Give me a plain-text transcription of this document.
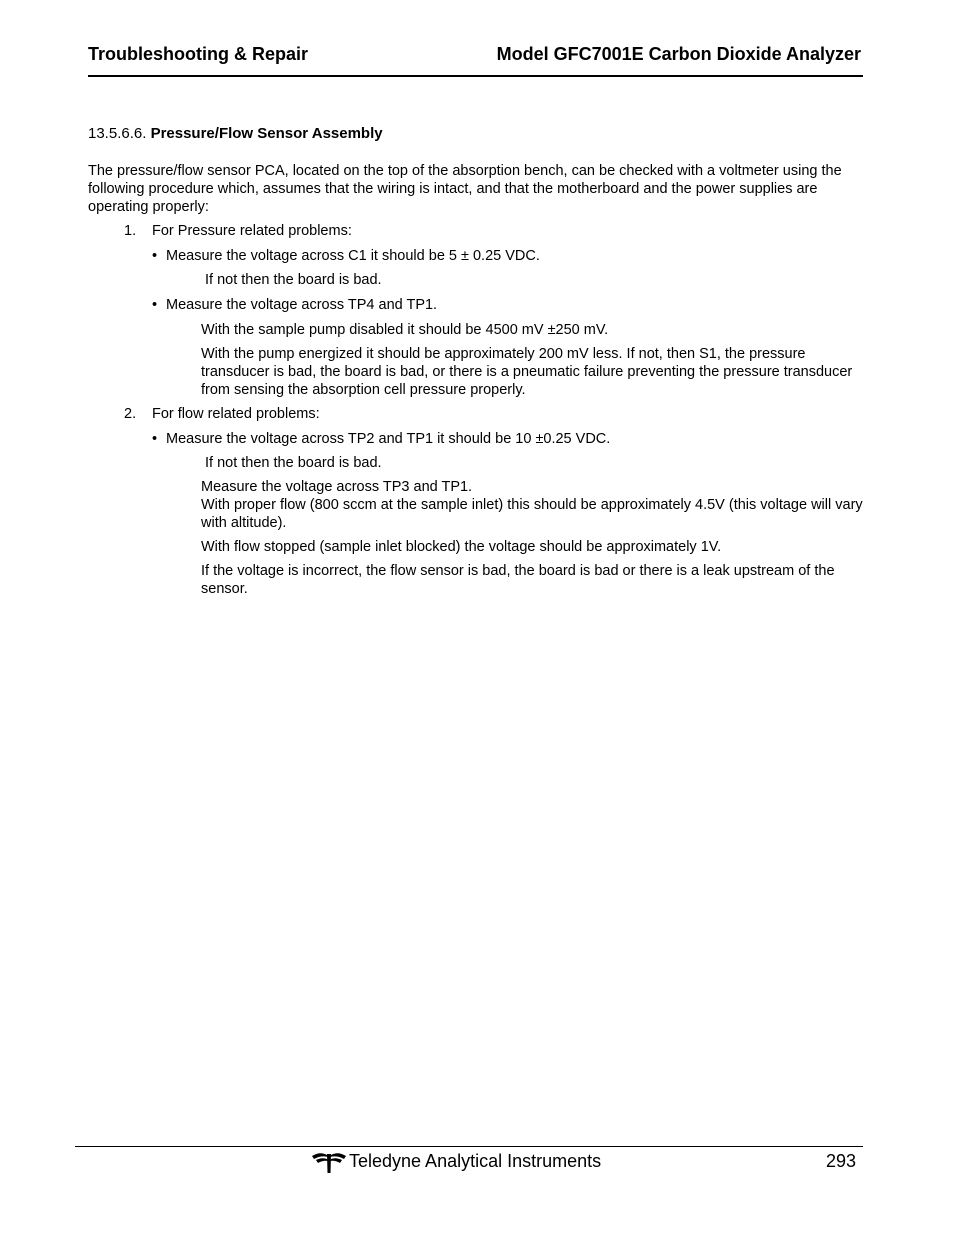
Troubleshooting & Repair	Model GFC7001E Carbon Dioxide Analyzer
13.5.6.6. Pressure/Flow Sensor Assembly
The pressure/flow sensor PCA, located on the top of the absorption bench, can be checked with a voltmeter using the following procedure which, assumes that the wiring is intact, and that the motherboard and the power supplies are operating properly:
1. For Pressure related problems:
• Measure the voltage across C1 it should be 5 ± 0.25 VDC.
If not then the board is bad.
• Measure the voltage across TP4 and TP1.
With the sample pump disabled it should be 4500 mV ±250 mV.
With the pump energized it should be approximately 200 mV less. If not, then S1, the pressure transducer is bad, the board is bad, or there is a pneumatic failure preventing the pressure transducer from sensing the absorption cell pressure properly.
2. For flow related problems:
• Measure the voltage across TP2 and TP1 it should be 10 ±0.25 VDC.
If not then the board is bad.
Measure the voltage across TP3 and TP1.
With proper flow (800 sccm at the sample inlet) this should be approximately 4.5V (this voltage will vary with altitude).
With flow stopped (sample inlet blocked) the voltage should be approximately 1V.
If the voltage is incorrect, the flow sensor is bad, the board is bad or there is a leak upstream of the sensor.
Teledyne Analytical Instruments	293
